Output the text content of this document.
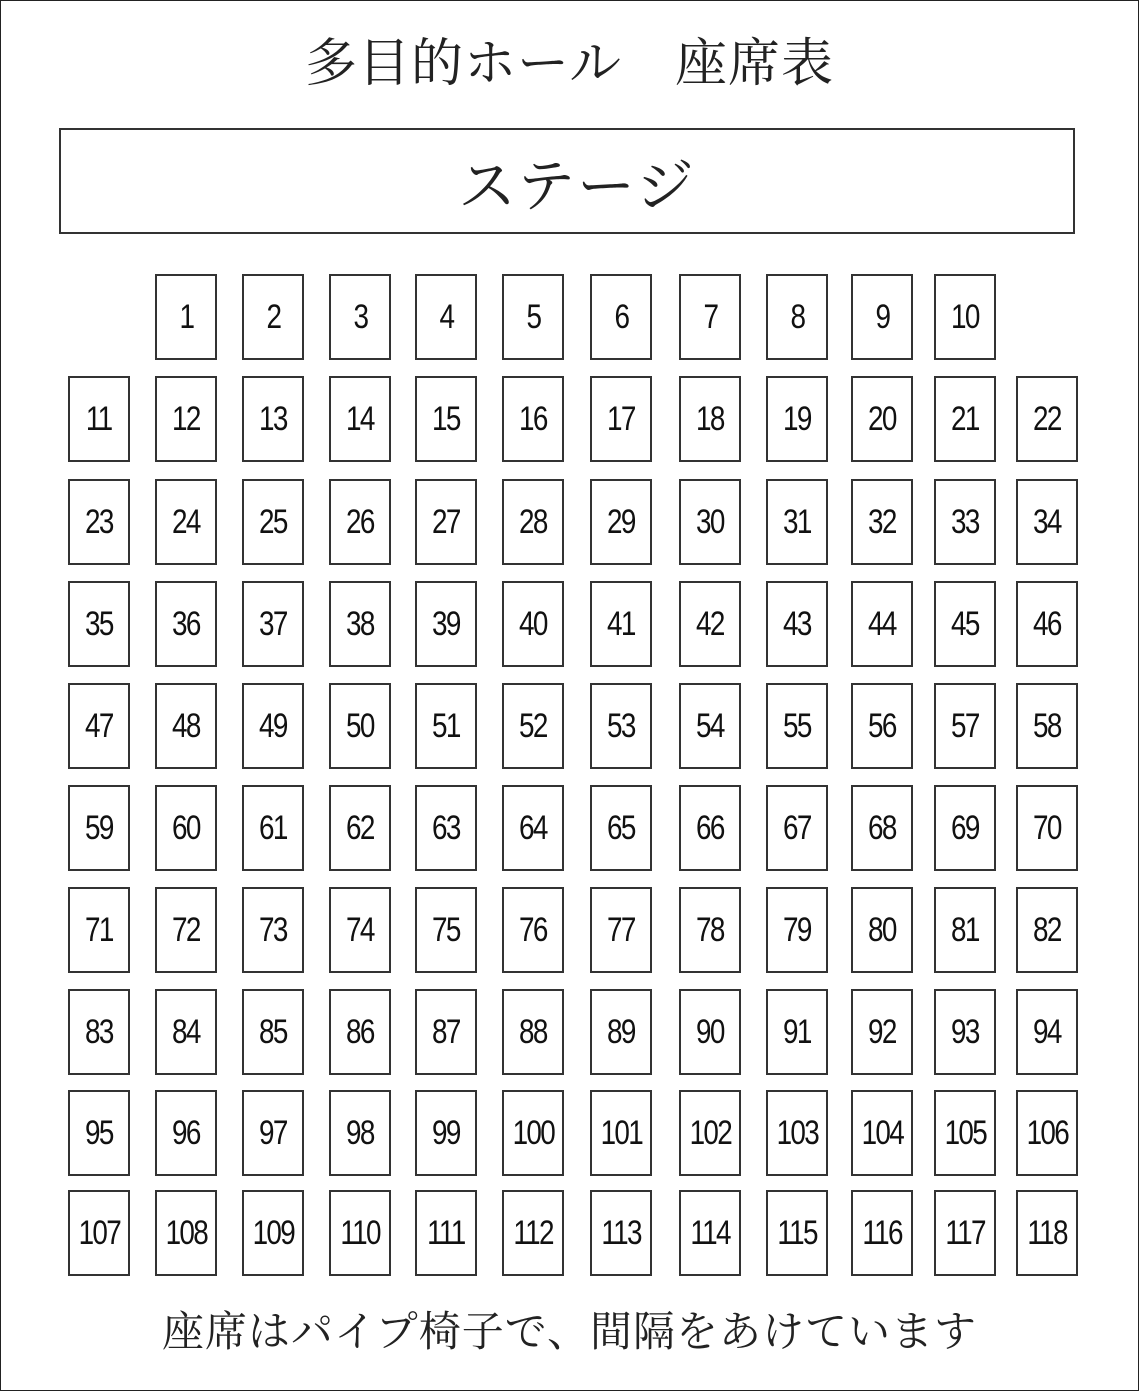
多目的ホール　座席表
ステージ
1 2 3 4 5 6 7 8 9 10
11 12 13 14 15 16 17 18 19 20 21 22
23 24 25 26 27 28 29 30 31 32 33 34
35 36 37 38 39 40 41 42 43 44 45 46
47 48 49 50 51 52 53 54 55 56 57 58
59 60 61 62 63 64 65 66 67 68 69 70
71 72 73 74 75 76 77 78 79 80 81 82
83 84 85 86 87 88 89 90 91 92 93 94
95 96 97 98 99 100 101 102 103 104 105 106
107 108 109 110 111 112 113 114 115 116 117 118
座席はパイプ椅子で、間隔をあけています
